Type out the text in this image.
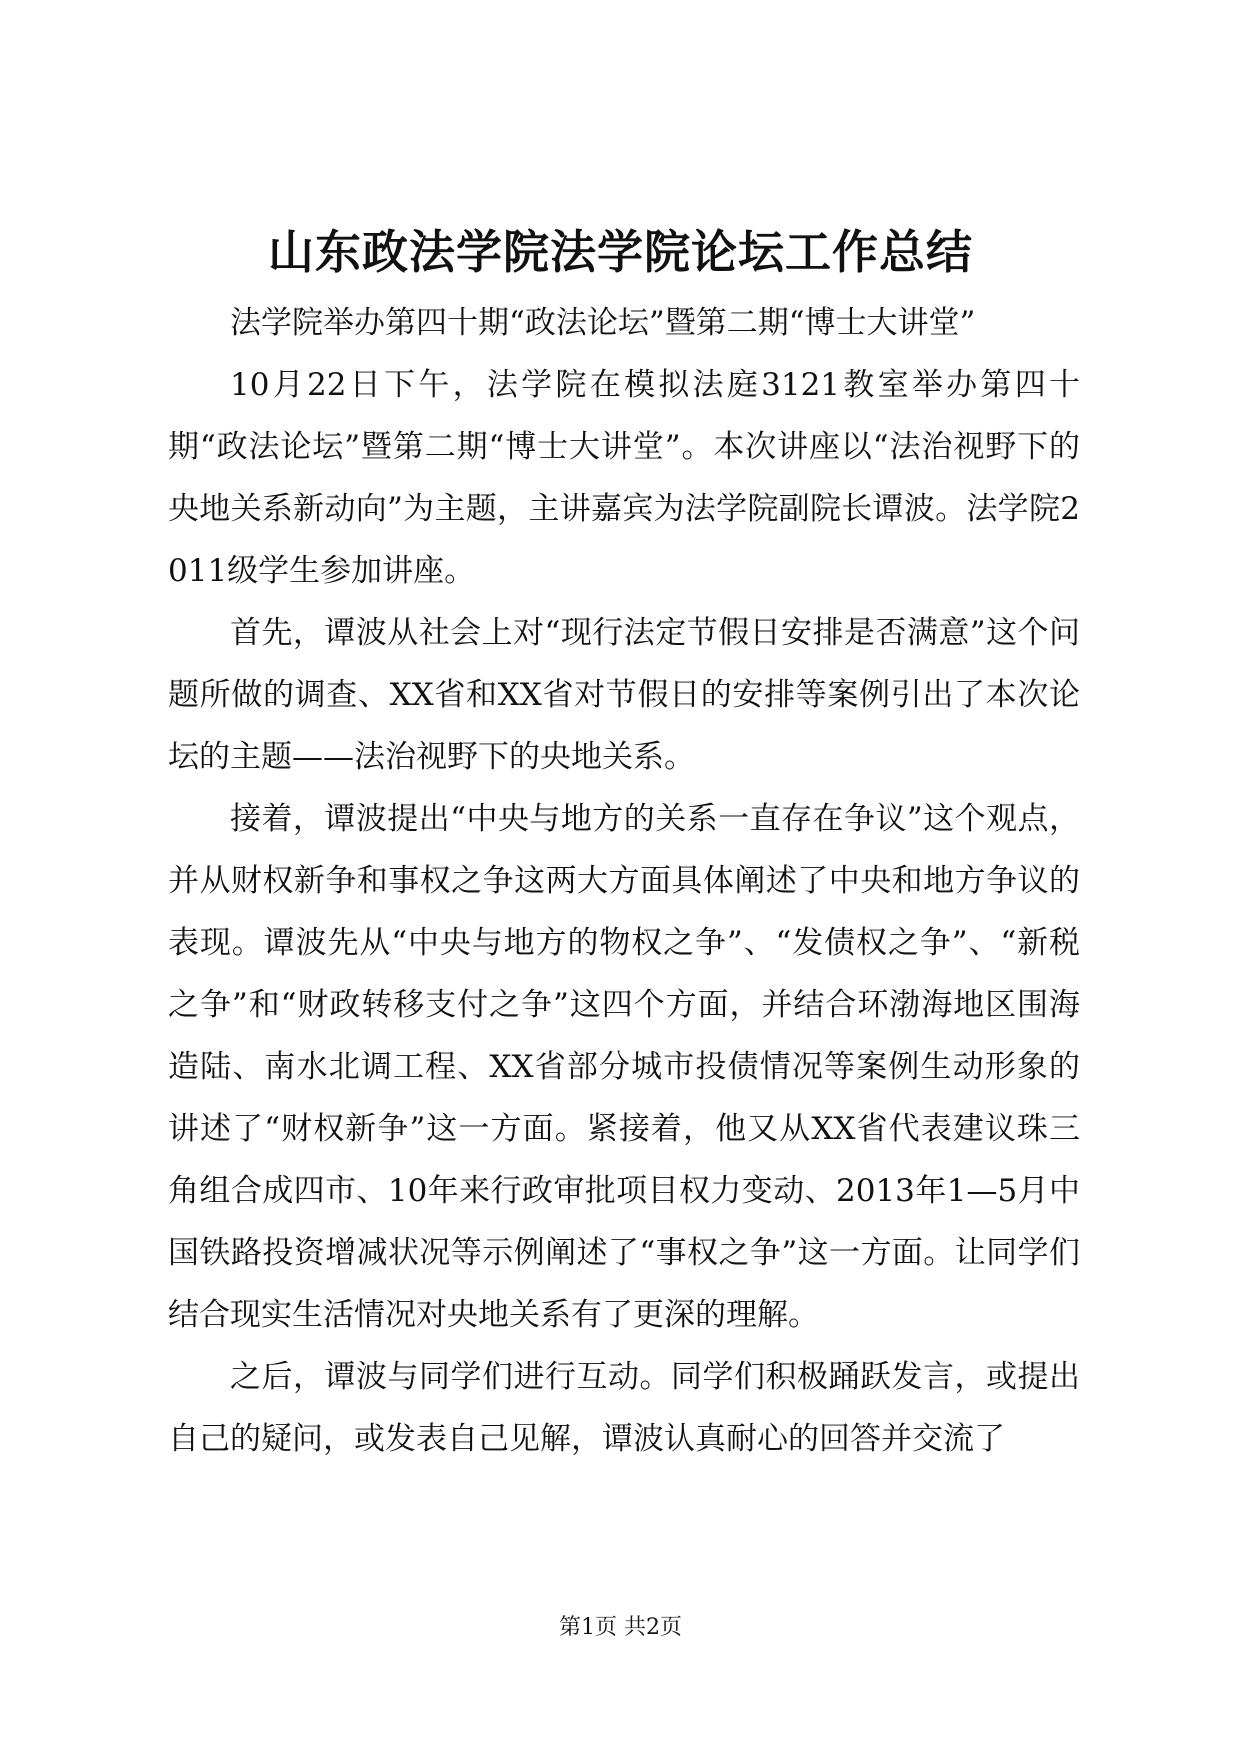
山东政法学院法学院论坛工作总结

法学院举办第四十期“政法论坛”暨第二期“博士大讲堂”

10月22日下午，法学院在模拟法庭3121教室举办第四十期“政法论坛”暨第二期“博士大讲堂”。本次讲座以“法治视野下的央地关系新动向”为主题，主讲嘉宾为法学院副院长谭波。法学院2011级学生参加讲座。

首先，谭波从社会上对“现行法定节假日安排是否满意”这个问题所做的调查、XX省和XX省对节假日的安排等案例引出了本次论坛的主题——法治视野下的央地关系。

接着，谭波提出“中央与地方的关系一直存在争议”这个观点，并从财权新争和事权之争这两大方面具体阐述了中央和地方争议的表现。谭波先从“中央与地方的物权之争”、“发债权之争”、“新税之争”和“财政转移支付之争”这四个方面，并结合环渤海地区围海造陆、南水北调工程、XX省部分城市投债情况等案例生动形象的讲述了“财权新争”这一方面。紧接着，他又从XX省代表建议珠三角组合成四市、10年来行政审批项目权力变动、2013年1—5月中国铁路投资增减状况等示例阐述了“事权之争”这一方面。让同学们结合现实生活情况对央地关系有了更深的理解。

之后，谭波与同学们进行互动。同学们积极踊跃发言，或提出自己的疑问，或发表自己见解，谭波认真耐心的回答并交流了

第1页 共2页
